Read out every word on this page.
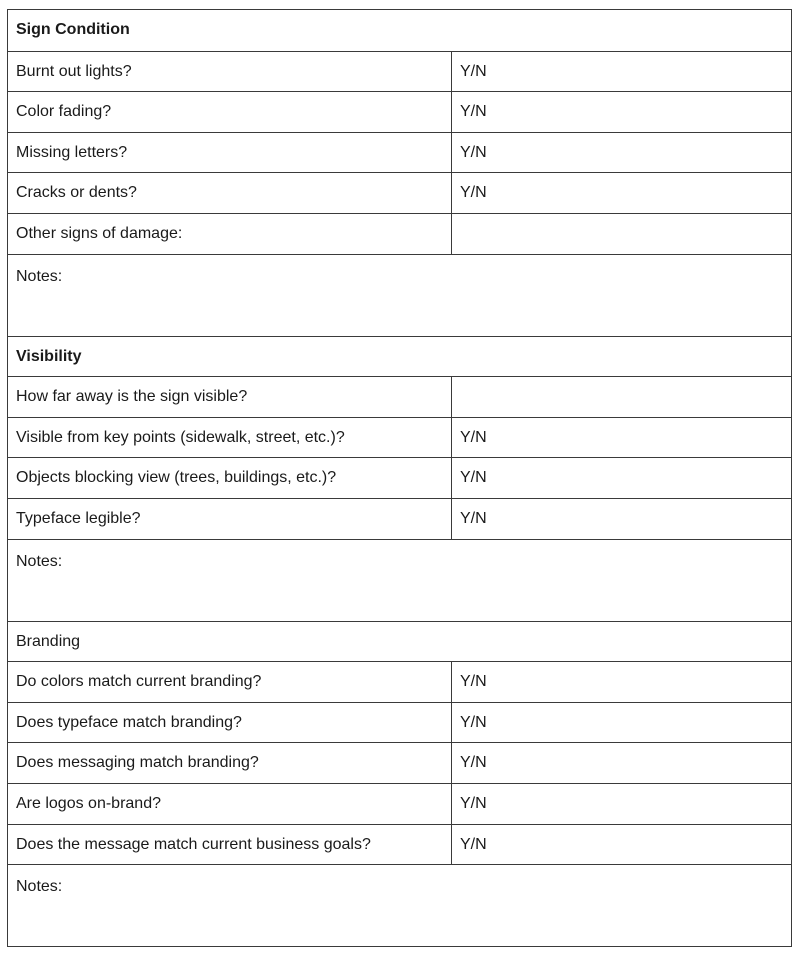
Sign Condition
Burnt out lights?	Y/N
Color fading?	Y/N
Missing letters?	Y/N
Cracks or dents?	Y/N
Other signs of damage:
Notes:
Visibility
How far away is the sign visible?
Visible from key points (sidewalk, street, etc.)?	Y/N
Objects blocking view (trees, buildings, etc.)?	Y/N
Typeface legible?	Y/N
Notes:
Branding
Do colors match current branding?	Y/N
Does typeface match branding?	Y/N
Does messaging match branding?	Y/N
Are logos on-brand?	Y/N
Does the message match current business goals?	Y/N
Notes:
